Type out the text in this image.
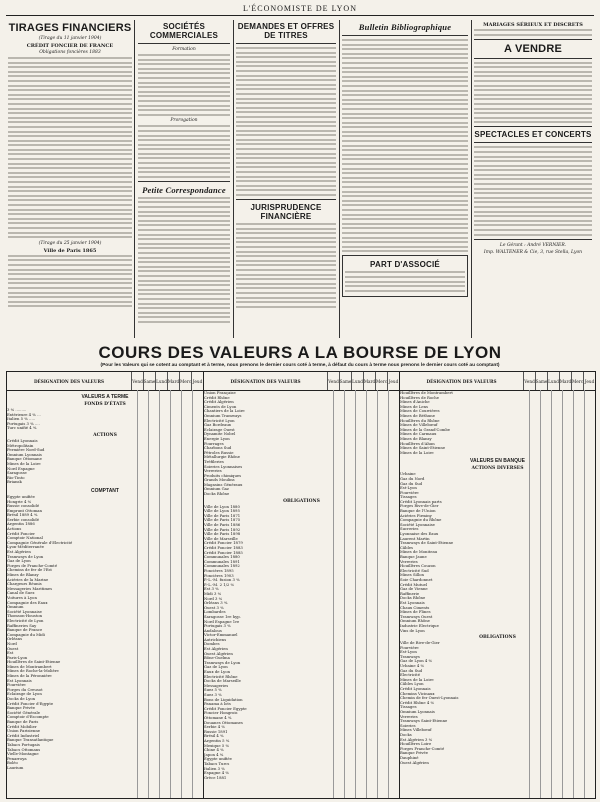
L'ÉCONOMISTE DE LYON
TIRAGES FINANCIERS
(Tirage du 11 janvier 1904)
CRÉDIT FONCIER DE FRANCE
Obligations foncières 1883
(Tirage du 25 janvier 1904)
Ville de Paris 1865
SOCIÉTÉS COMMERCIALES
Formation
Prorogation
Petite Correspondance
DEMANDES ET OFFRES DE TITRES
JURISPRUDENCE FINANCIÈRE
Bulletin Bibliographique
PART D'ASSOCIÉ
MARIAGES SÉRIEUX ET DISCRETS
A VENDRE
SPECTACLES ET CONCERTS
Le Gérant : André VERNIER.
Imp. WALTENER & Cie, 3, rue Stella, Lyon
COURS DES VALEURS A LA BOURSE DE LYON
(Pour les Valeurs qui se cotent au comptant et à terme, nous prenons le dernier cours coté à terme, à défaut du cours à terme nous prenons le dernier cours coté au comptant)
DÉSIGNATION DES VALEURS	Vend Same Lund Mard Merc Jeud
VALEURS A TERME
FONDS D'ÉTATS
3 % .........
Extérieure 4 % ...
Italien 5 % .....
Portugais 3 % ....
Turc unifié 4 %
ACTIONS
Crédit Lyonnais
Métropolitain
Fermière Nord-Sud
Omnium Lyonnais
Banque Ottomane
Mines de la Loire
Nord Espagne
Saragosse
Rio-Tinto
Briansk
COMPTANT
Égypte unifiée
Hongrie 4 %
Russie consolidé
Emprunt Ottoman
Brésil 1889 4 %
Serbie consolidé
Argentin 1886
Actions
Crédit Foncier
Comptoir National
Compagnie Générale d'Électricité
Lyon-Méditerranée
Est Algérien
Tramways de Lyon
Gaz de Lyon
Forges de Franche-Comté
Chemins de fer de l'Est
Mines de Blanzy
Aciéries de la Marine
Chargeurs Réunis
Messageries Maritimes
Canal de Suez
Voitures à Lyon
Compagnie des Eaux
Omnium
Société Lyonnaise
Thomson-Houston
Électricité de Lyon
Raffineries Say
Banque de France
Compagnie du Midi
Orléans
Nord
Ouest
Est
Paris-Lyon
Houillères de Saint-Étienne
Mines de Montrambert
Mines de Roche-la-Molière
Mines de la Péronnière
Est Lyonnais
Fourvière
Forges du Creusot
Éclairage de Lyon
Docks de Lyon
Crédit Foncier d'Égypte
Banque Privée
Société Générale
Comptoir d'Escompte
Banque de Paris
Crédit Mobilier
Union Parisienne
Crédit Industriel
Banque Transatlantique
Tabacs Portugais
Tabacs Ottomans
Vielle-Montagne
Penarroya
Boléo
Laurium
DÉSIGNATION DES VALEURS	Vend Same Lund Mard Merc Jeud
Union Française
Crédit Rhône
Crédit Algérien
Ciments de Lyon
Chantiers de la Loire
Omnium Tramways
Électricité Lyon
Gaz Bordeaux
Éclairage Ouest
Dynamite Nobel
Énergie Lyon
Fourrages
Charbons Sud
Pétroles Russie
Métallurgie Rhône
Tréfileries
Soieries Lyonnaises
Verreries
Produits chimiques
Grands Moulins
Magasins Généraux
Omnium Gaz
Docks Rhône
OBLIGATIONS
Ville de Lyon 1880
Ville de Lyon 1895
Ville de Paris 1871
Ville de Paris 1875
Ville de Paris 1886
Ville de Paris 1892
Ville de Paris 1898
Ville de Marseille
Crédit Foncier 1879
Crédit Foncier 1883
Crédit Foncier 1885
Communales 1880
Communales 1891
Communales 1892
Foncières 1895
Foncières 1903
P.-L.-M. fusion 3 %
P.-L.-M. 2 1/2 %
Est 3 %
Midi 3 %
Nord 3 %
Orléans 3 %
Ouest 3 %
Lombardes
Saragosse 1re hyp.
Nord Espagne 1re
Portugais 3 %
Andalous
Victor-Emmanuel
Autrichiens
Dombes
Est Algérien
Ouest Algérien
Bône-Guelma
Tramways de Lyon
Gaz de Lyon
Eaux de Lyon
Électricité Rhône
Docks de Marseille
Messageries
Suez 5 %
Suez 3 %
Bons de Liquidation
Panama à lots
Crédit Foncier Égypte
Foncier Hongrois
Ottomane 4 %
Douanes Ottomanes
Serbie 4 %
Russie 1891
Brésil 4 %
Argentin 5 %
Mexique 5 %
Chine 4 %
Japon 4 %
Égypte unifiée
Tabacs Turcs
Italien 3 %
Espagne 4 %
Grèce 1881
DÉSIGNATION DES VALEURS	Vend Same Lund Mard Merc Jeud
Houillères de Montrambert
Houillères de Roche
Mines d'Aniche
Mines de Lens
Mines de Courrières
Mines de Béthune
Houillères du Rhône
Mines de Villebœuf
Mines de la Grand'Combe
Mines de Carmaux
Mines de Blanzy
Houillères d'Ahun
Mines de Saint-Étienne
Mines de la Loire
VALEURS EN BANQUE
ACTIONS DIVERSES
Urbaine
Gaz du Nord
Gaz du Sud
Est-Lyon
Fourvière
Tissages
Crédit Lyonnais parts
Forges Rive-de-Gier
Banque de l'Union
Aciéries Firminy
Compagnie du Rhône
Société Lyonnaise
Sucreries
Lyonnaise des Eaux
Laurent Martin
Tramways de Saint-Étienne
Câbles
Mines de Moniteau
Banque Jaune
Verreries
Houillères Couzon
Électricité Sud
Mines Sillon
Soie Chardonnet
Crédit Mutuel
Gaz de Vienne
Raffinerie
Docks Rhône
Est Lyonnais
Chaux Ciments
Mines de Flines
Tramways Ouest
Omnium Rhône
Industrie Électrique
Vins de Lyon
OBLIGATIONS
Ville de Rive-de-Gier
Fourvière
Est-Lyon
Tramways
Gaz de Lyon 4 %
Urbaine 4 %
Gaz du Sud
Électricité
Mines de la Loire
Câbles Lyon
Crédit Lyonnais
Chemins Vicinaux
Chemin de fer Ouest-Lyonnais
Crédit Rhône 4 %
Tissages
Omnium Lyonnais
Verreries
Tramways Saint-Étienne
Soieries
Mines Villebœuf
Docks
Est Algérien 3 %
Houillères Loire
Forges Franche-Comté
Banque Privée
Dauphiné
Ouest Algérien
